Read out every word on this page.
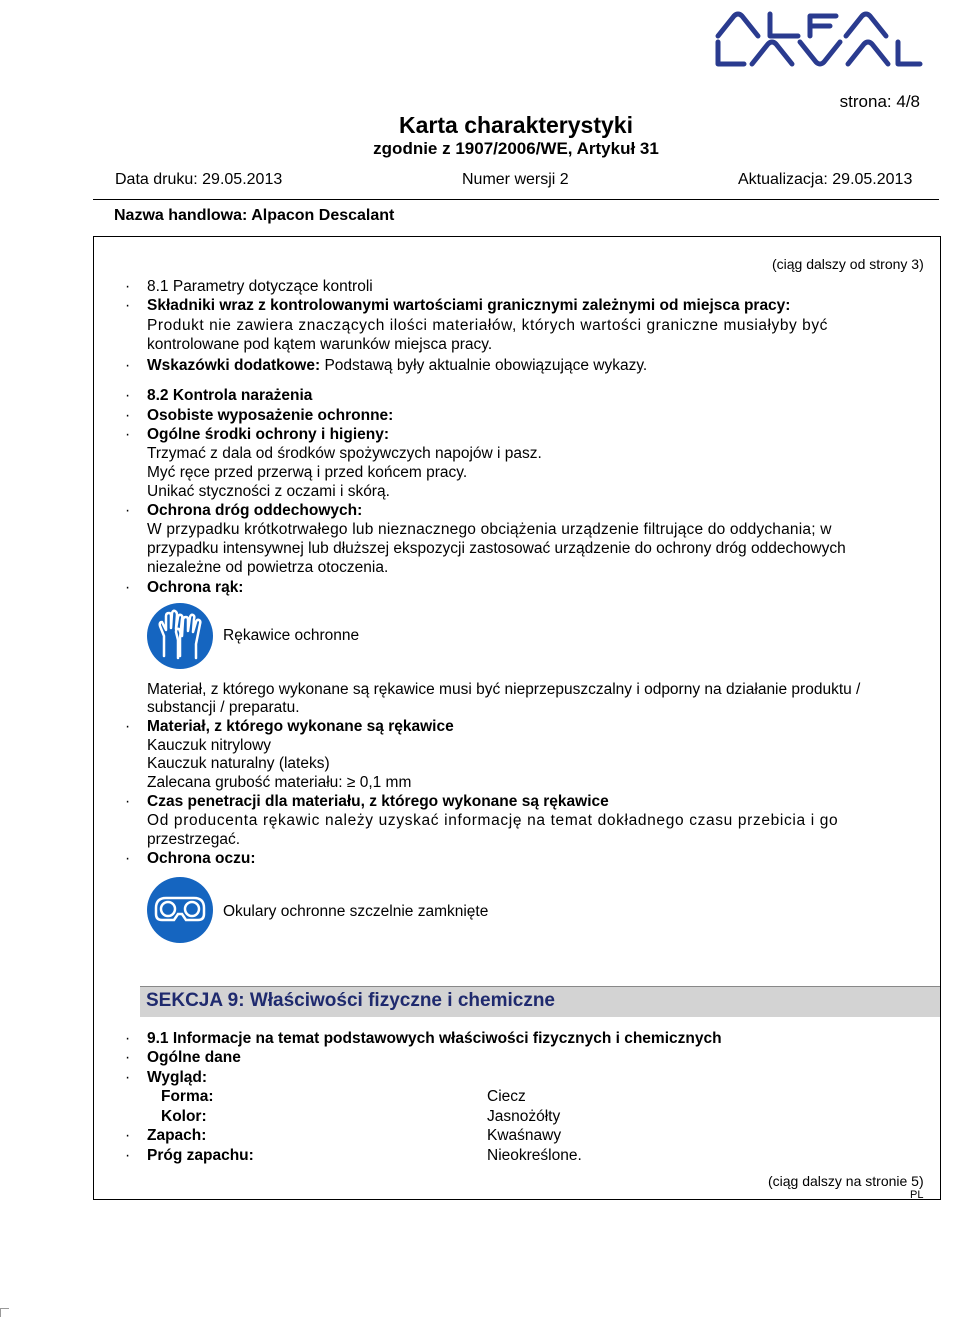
strona: 4/8
Karta charakterystyki
zgodnie z 1907/2006/WE, Artykuł 31
Data druku: 29.05.2013	Numer wersji 2	Aktualizacja: 29.05.2013
Nazwa handlowa: Alpacon Descalant
(ciąg dalszy od strony 3)
· 8.1 Parametry dotyczące kontroli
· Składniki wraz z kontrolowanymi wartościami granicznymi zależnymi od miejsca pracy:
Produkt nie zawiera znaczących ilości materiałów, których wartości graniczne musiałyby być
kontrolowane pod kątem warunków miejsca pracy.
· Wskazówki dodatkowe: Podstawą były aktualnie obowiązujące wykazy.
· 8.2 Kontrola narażenia
· Osobiste wyposażenie ochronne:
· Ogólne środki ochrony i higieny:
Trzymać z dala od środków spożywczych napojów i pasz.
Myć ręce przed przerwą i przed końcem pracy.
Unikać styczności z oczami i skórą.
· Ochrona dróg oddechowych:
W przypadku krótkotrwałego lub nieznacznego obciążenia urządzenie filtrujące do oddychania; w
przypadku intensywnej lub dłuższej ekspozycji zastosować urządzenie do ochrony dróg oddechowych
niezależne od powietrza otoczenia.
· Ochrona rąk:
Rękawice ochronne
Materiał, z którego wykonane są rękawice musi być nieprzepuszczalny i odporny na działanie produktu /
substancji / preparatu.
· Materiał, z którego wykonane są rękawice
Kauczuk nitrylowy
Kauczuk naturalny (lateks)
Zalecana grubość materiału: ≥ 0,1 mm
· Czas penetracji dla materiału, z którego wykonane są rękawice
Od producenta rękawic należy uzyskać informację na temat dokładnego czasu przebicia i go
przestrzegać.
· Ochrona oczu:
Okulary ochronne szczelnie zamknięte
SEKCJA 9: Właściwości fizyczne i chemiczne
· 9.1 Informacje na temat podstawowych właściwości fizycznych i chemicznych
· Ogólne dane
· Wygląd:
Forma:	Ciecz
Kolor:	Jasnożółty
· Zapach:	Kwaśnawy
· Próg zapachu:	Nieokreślone.
(ciąg dalszy na stronie 5)
PL
